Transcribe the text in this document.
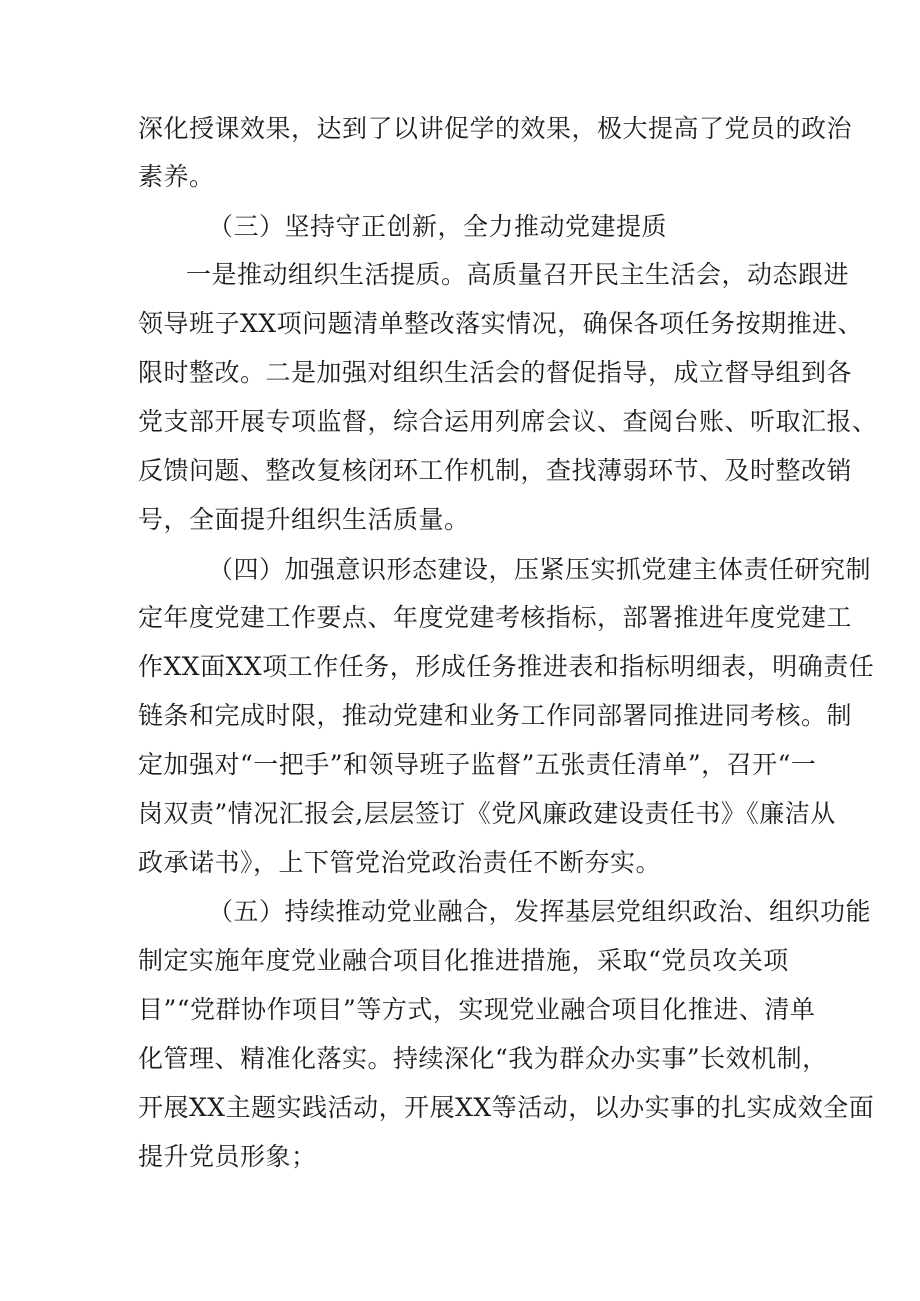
深化授课效果，达到了以讲促学的效果，极大提高了党员的政治
素养。
（三）坚持守正创新，全力推动党建提质
一是推动组织生活提质。高质量召开民主生活会，动态跟进
领导班子XX项问题清单整改落实情况，确保各项任务按期推进、
限时整改。二是加强对组织生活会的督促指导，成立督导组到各
党支部开展专项监督，综合运用列席会议、查阅台账、听取汇报、
反馈问题、整改复核闭环工作机制，查找薄弱环节、及时整改销
号，全面提升组织生活质量。
（四）加强意识形态建设，压紧压实抓党建主体责任研究制
定年度党建工作要点、年度党建考核指标，部署推进年度党建工
作XX面XX项工作任务，形成任务推进表和指标明细表，明确责任
链条和完成时限，推动党建和业务工作同部署同推进同考核。制
定加强对“一把手”和领导班子监督”五张责任清单”，召开“一
岗双责”情况汇报会,层层签订《党风廉政建设责任书》《廉洁从
政承诺书》，上下管党治党政治责任不断夯实。
（五）持续推动党业融合，发挥基层党组织政治、组织功能
制定实施年度党业融合项目化推进措施，采取“党员攻关项
目”“党群协作项目”等方式，实现党业融合项目化推进、清单
化管理、精准化落实。持续深化“我为群众办实事”长效机制，
开展XX主题实践活动，开展XX等活动，以办实事的扎实成效全面
提升党员形象；
